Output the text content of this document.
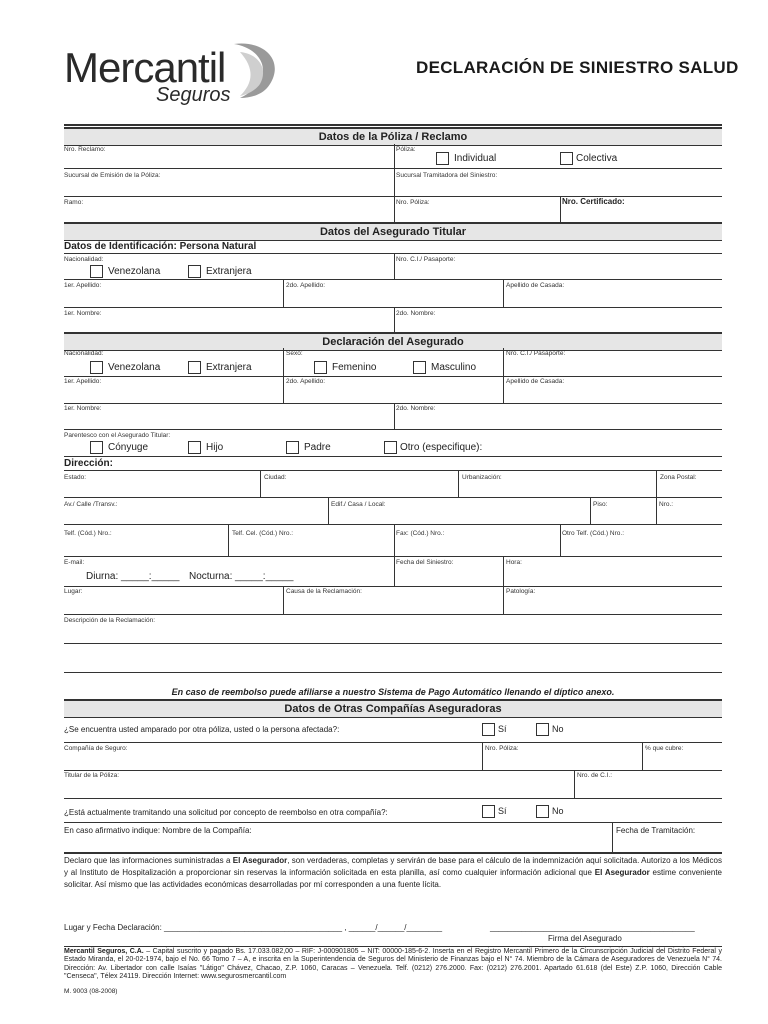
Mercantil
Seguros
DECLARACIÓN DE SINIESTRO SALUD
Datos de la Póliza / Reclamo
Nro. Reclamo:	Póliza:
Individual	Colectiva
Sucursal de Emisión de la Póliza:	Sucursal Tramitadora del Siniestro:
Ramo:	Nro. Póliza:	Nro. Certificado:
Datos del Asegurado Titular
Datos de Identificación: Persona Natural
Nacionalidad:
Venezolana	Extranjera
Nro. C.I./ Pasaporte:
1er. Apellido:	2do. Apellido:	Apellido de Casada:
1er. Nombre:	2do. Nombre:
Declaración del Asegurado
Nacionalidad:
Venezolana	Extranjera
Sexo:
Femenino	Masculino
Nro. C.I./ Pasaporte:
1er. Apellido:	2do. Apellido:	Apellido de Casada:
1er. Nombre:	2do. Nombre:
Parentesco con el Asegurado Titular:
Cónyuge	Hijo	Padre	Otro (especifique):
Dirección:
Estado:	Ciudad:	Urbanización:	Zona Postal:
Av./ Calle /Transv.:	Edif./ Casa / Local:	Piso:	Nro.:
Telf. (Cód.) Nro.:	Telf. Cel. (Cód.) Nro.:	Fax: (Cód.) Nro.:	Otro Telf. (Cód.) Nro.:
E-mail:	Fecha del Siniestro:	Hora:
Diurna: _____:_____ Nocturna: _____:_____
Lugar:	Causa de la Reclamación:	Patología:
Descripción de la Reclamación:
En caso de reembolso puede afiliarse a nuestro Sistema de Pago Automático llenando el díptico anexo.
Datos de Otras Compañías Aseguradoras
¿Se encuentra usted amparado por otra póliza, usted o la persona afectada?:	Sí	No
Compañía de Seguro:	Nro. Póliza:	% que cubre:
Titular de la Póliza:	Nro. de C.I.:
¿Está actualmente tramitando una solicitud por concepto de reembolso en otra compañía?:	Sí	No
En caso afirmativo indique: Nombre de la Compañía:	Fecha de Tramitación:
Declaro que las informaciones suministradas a El Asegurador, son verdaderas, completas y servirán de base para el cálculo de la indemnización aquí solicitada. Autorizo a los Médicos y al Instituto de Hospitalización a proporcionar sin reservas la información solicitada en esta planilla, así como cualquier información adicional que El Asegurador estime conveniente solicitar. Así mismo que las actividades económicas desarrolladas por mí corresponden a una fuente lícita.
Lugar y Fecha Declaración: ________________________________________ , ______/______/________	______________________________________________
Firma del Asegurado
Mercantil Seguros, C.A. – Capital suscrito y pagado Bs. 17.033.082,00 – RIF: J-000901805 – NIT: 00000-185-6-2. Inserta en el Registro Mercantil Primero de la Circunscripción Judicial del Distrito Federal y Estado Miranda, el 20-02-1974, bajo el No. 66 Tomo 7 – A, e inscrita en la Superintendencia de Seguros del Ministerio de Finanzas bajo el N° 74. Miembro de la Cámara de Aseguradores de Venezuela N° 74. Dirección: Av. Libertador con calle Isaías "Látigo" Chávez, Chacao, Z.P. 1060, Caracas – Venezuela. Telf. (0212) 276.2000. Fax: (0212) 276.2001. Apartado 61.618 (del Este) Z.P. 1060, Dirección Cable "Censeca", Télex 24119. Dirección Internet: www.segurosmercantil.com
M. 9003 (08-2008)
